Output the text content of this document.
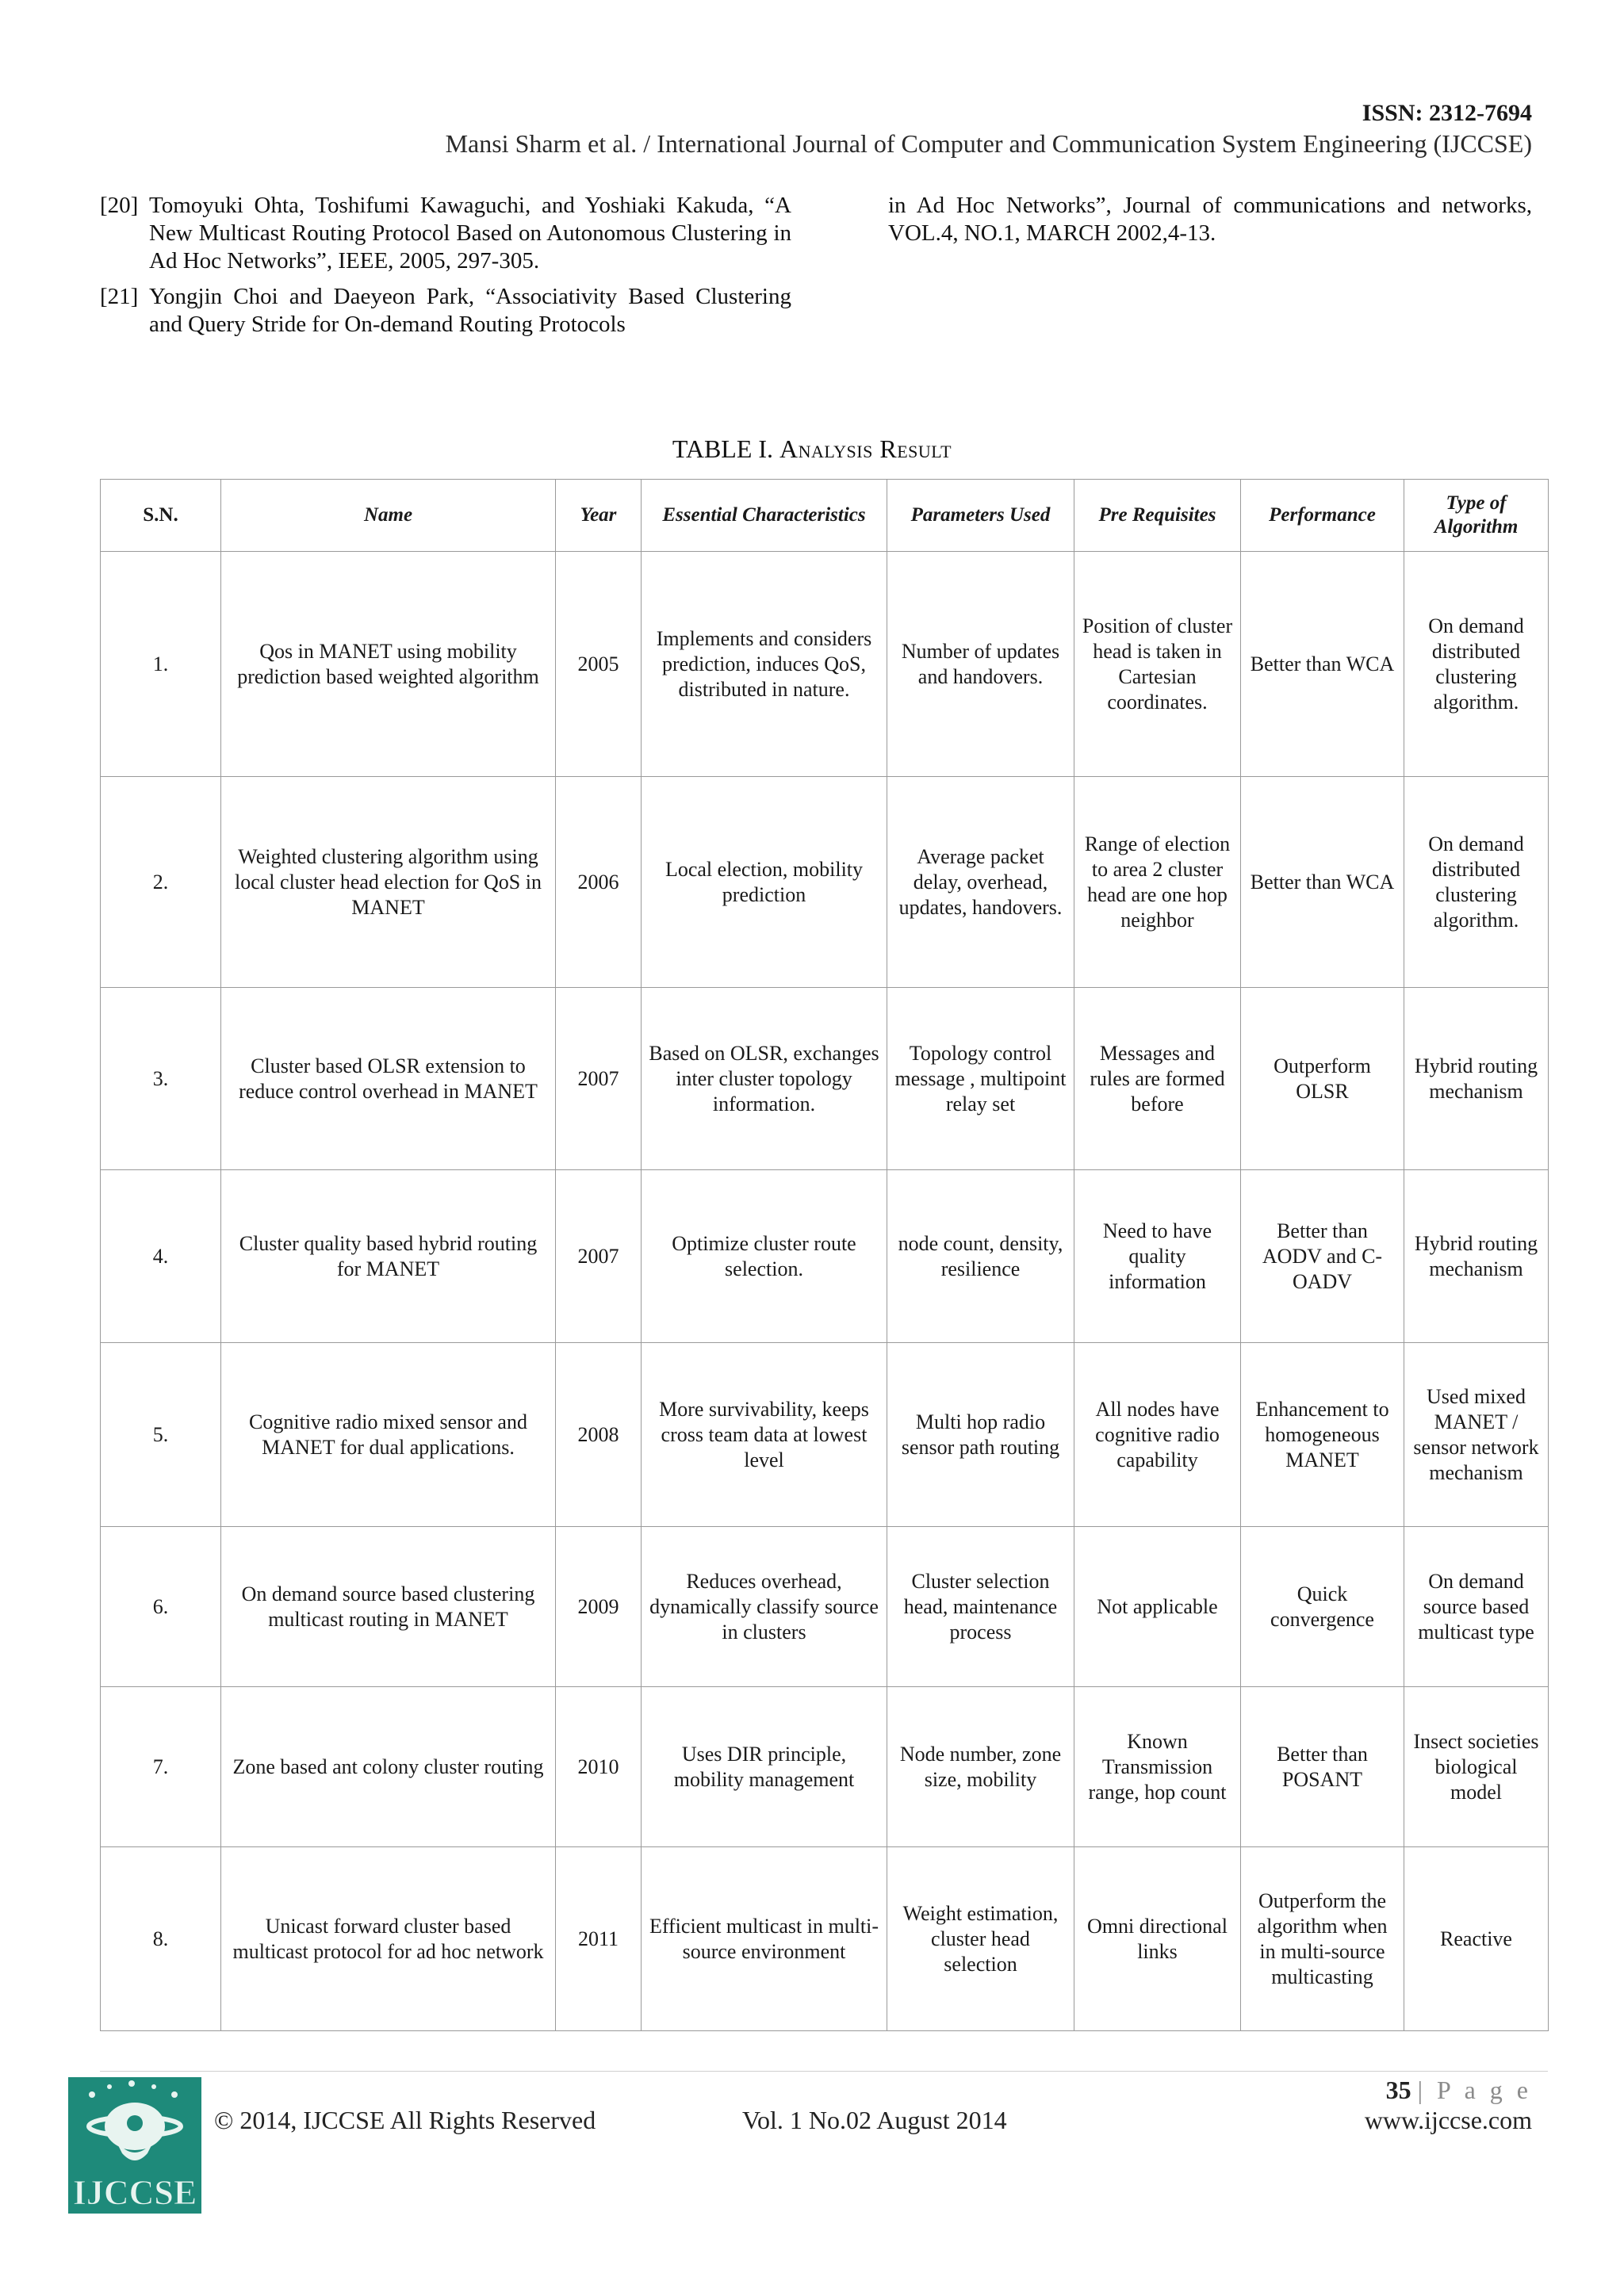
ISSN: 2312-7694
Mansi Sharm et al. / International Journal of Computer and Communication System Engineering (IJCCSE)
[20] Tomoyuki Ohta, Toshifumi Kawaguchi, and Yoshiaki Kakuda, “A New Multicast Routing Protocol Based on Autonomous Clustering in Ad Hoc Networks”, IEEE, 2005, 297-305.
[21] Yongjin Choi and Daeyeon Park, “Associativity Based Clustering and Query Stride for On-demand Routing Protocols
in Ad Hoc Networks”, Journal of communications and networks, VOL.4, NO.1, MARCH 2002,4-13.
TABLE I. Analysis Result
S.N.	Name	Year	Essential Characteristics	Parameters Used	Pre Requisites	Performance	Type of Algorithm
1.	Qos in MANET using mobility prediction based weighted algorithm	2005	Implements and considers prediction, induces QoS, distributed in nature.	Number of updates and handovers.	Position of cluster head is taken in Cartesian coordinates.	Better than WCA	On demand distributed clustering algorithm.
2.	Weighted clustering algorithm using local cluster head election for QoS in MANET	2006	Local election, mobility prediction	Average packet delay, overhead, updates, handovers.	Range of election to area 2 cluster head are one hop neighbor	Better than WCA	On demand distributed clustering algorithm.
3.	Cluster based OLSR extension to reduce control overhead in MANET	2007	Based on OLSR, exchanges inter cluster topology information.	Topology control message , multipoint relay set	Messages and rules are formed before	Outperform OLSR	Hybrid routing mechanism
4.	Cluster quality based hybrid routing for MANET	2007	Optimize cluster route selection.	node count, density, resilience	Need to have quality information	Better than AODV and C-OADV	Hybrid routing mechanism
5.	Cognitive radio mixed sensor and MANET for dual applications.	2008	More survivability, keeps cross team data at lowest level	Multi hop radio sensor path routing	All nodes have cognitive radio capability	Enhancement to homogeneous MANET	Used mixed MANET / sensor network mechanism
6.	On demand source based clustering multicast routing in MANET	2009	Reduces overhead, dynamically classify source in clusters	Cluster selection head, maintenance process	Not applicable	Quick convergence	On demand source based multicast type
7.	Zone based ant colony cluster routing	2010	Uses DIR principle, mobility management	Node number, zone size, mobility	Known Transmission range, hop count	Better than POSANT	Insect societies biological model
8.	Unicast forward cluster based multicast protocol for ad hoc network	2011	Efficient multicast in multi-source environment	Weight estimation, cluster head selection	Omni directional links	Outperform the algorithm when in multi-source multicasting	Reactive
IJCCSE
© 2014, IJCCSE All Rights Reserved	Vol. 1 No.02 August 2014
35 | P a g e
www.ijccse.com
